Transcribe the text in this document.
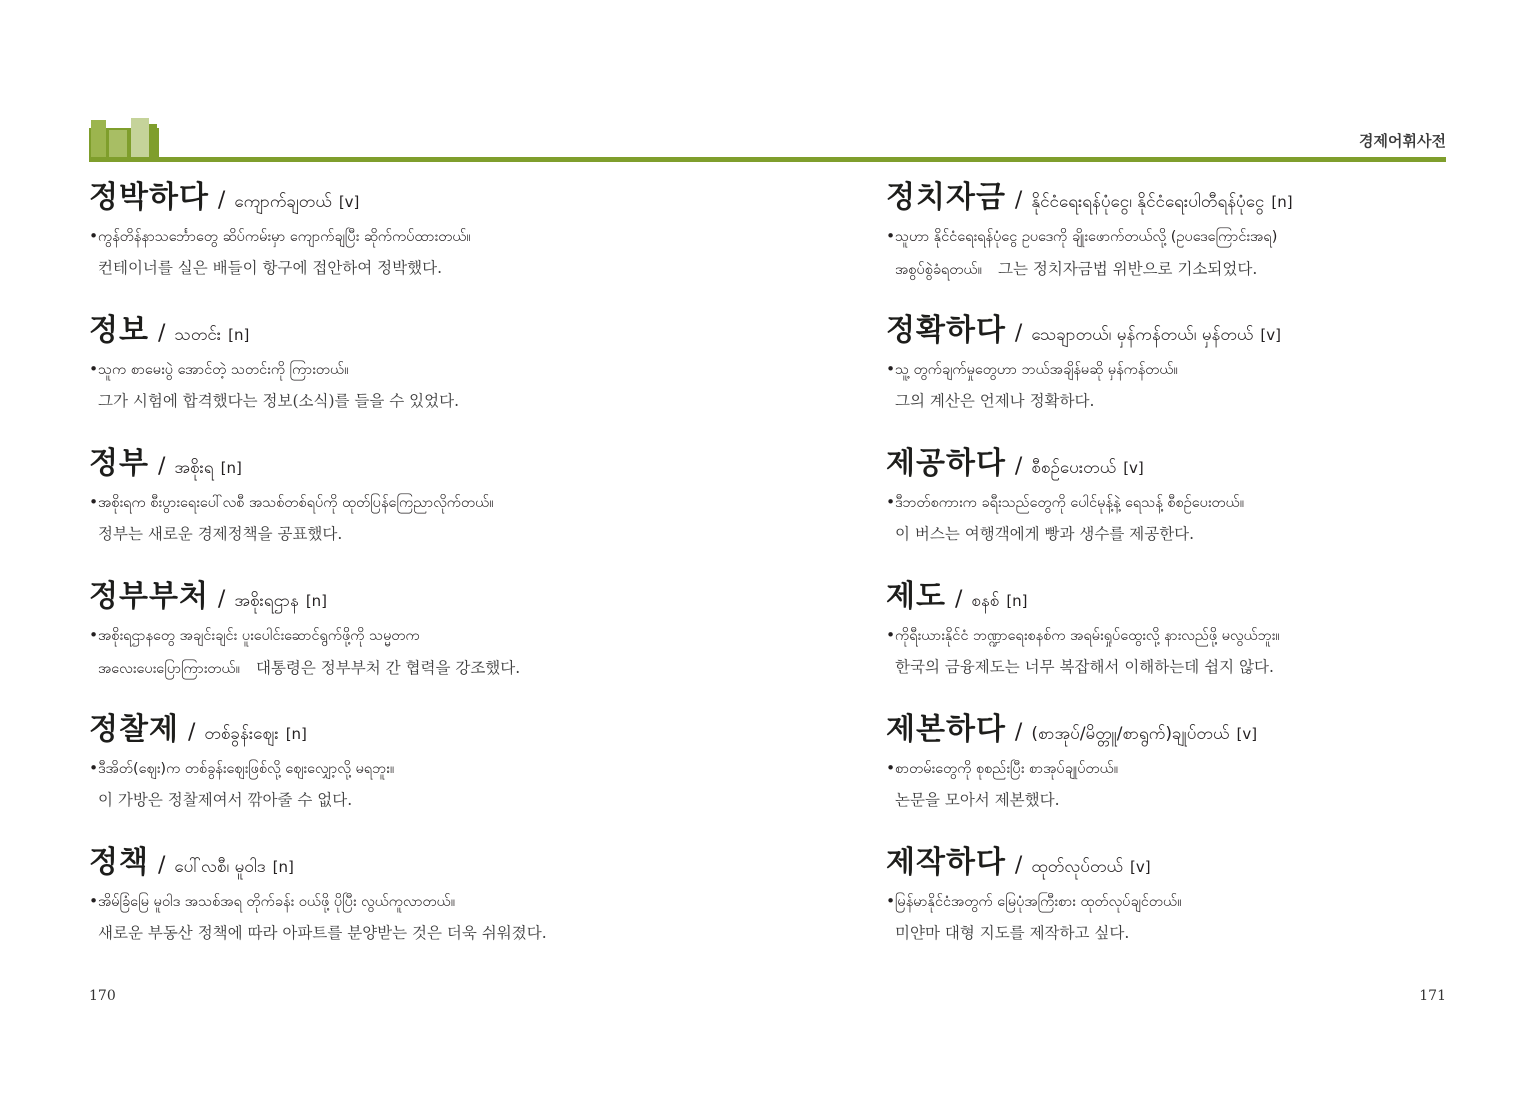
경제어휘사전
정박하다 / ကျောက်ချတယ် [v]

•ကွန်တိန်နာသင်္ဘောတွေ ဆိပ်ကမ်းမှာ ကျောက်ချပြီး ဆိုက်ကပ်ထားတယ်။

컨테이너를 실은 배들이 항구에 접안하여 정박했다.

정보 / သတင်း [n]

•သူက စာမေးပွဲ အောင်တဲ့ သတင်းကို ကြားတယ်။

그가 시험에 합격했다는 정보(소식)를 들을 수 있었다.

정부 / အစိုးရ [n]

•အစိုးရက စီးပွားရေးပေါ်လစီ အသစ်တစ်ရပ်ကို ထုတ်ပြန်ကြေညာလိုက်တယ်။

정부는 새로운 경제정책을 공표했다.

정부부처 / အစိုးရဌာန [n]

•အစိုးရဌာနတွေ အချင်းချင်း ပူးပေါင်းဆောင်ရွက်ဖို့ကို သမ္မတက

အလေးပေးပြောကြားတယ်။ 대통령은 정부부처 간 협력을 강조했다.

정찰제 / တစ်ခွန်းဈေး [n]

•ဒီအိတ်(ဈေး)က တစ်ခွန်းဈေးဖြစ်လို့ ဈေးလျှော့လို့ မရဘူး။

이 가방은 정찰제여서 깎아줄 수 없다.

정책 / ပေါ်လစီ၊ မူဝါဒ [n]

•အိမ်ခြံမြေ မူဝါဒ အသစ်အရ တိုက်ခန်း ဝယ်ဖို့ ပိုပြီး လွယ်ကူလာတယ်။

새로운 부동산 정책에 따라 아파트를 분양받는 것은 더욱 쉬워졌다.

정치자금 / နိုင်ငံရေးရန်ပုံငွေ၊ နိုင်ငံရေးပါတီရန်ပုံငွေ [n]

•သူဟာ နိုင်ငံရေးရန်ပုံငွေ ဥပဒေကို ချိုးဖောက်တယ်လို့ (ဥပဒေကြောင်းအရ)

အစွပ်စွဲခံရတယ်။ 그는 정치자금법 위반으로 기소되었다.

정확하다 / သေချာတယ်၊ မှန်ကန်တယ်၊ မှန်တယ် [v]

•သူ့ တွက်ချက်မှုတွေဟာ ဘယ်အချိန်မဆို မှန်ကန်တယ်။

그의 계산은 언제나 정확하다.

제공하다 / စီစဉ်ပေးတယ် [v]

•ဒီဘတ်စကားက ခရီးသည်တွေကို ပေါင်မုန့်နဲ့ ရေသန့် စီစဉ်ပေးတယ်။

이 버스는 여행객에게 빵과 생수를 제공한다.

제도 / စနစ် [n]

•ကိုရီးယားနိုင်ငံ ဘဏ္ဍာရေးစနစ်က အရမ်းရှုပ်ထွေးလို့ နားလည်ဖို့ မလွယ်ဘူး။

한국의 금융제도는 너무 복잡해서 이해하는데 쉽지 않다.

제본하다 / (စာအုပ်/မိတ္တူ/စာရွက်)ချုပ်တယ် [v]

•စာတမ်းတွေကို စုစည်းပြီး စာအုပ်ချုပ်တယ်။

논문을 모아서 제본했다.

제작하다 / ထုတ်လုပ်တယ် [v]

•မြန်မာနိုင်ငံအတွက် မြေပုံအကြီးစား ထုတ်လုပ်ချင်တယ်။

미얀마 대형 지도를 제작하고 싶다.

170	171
